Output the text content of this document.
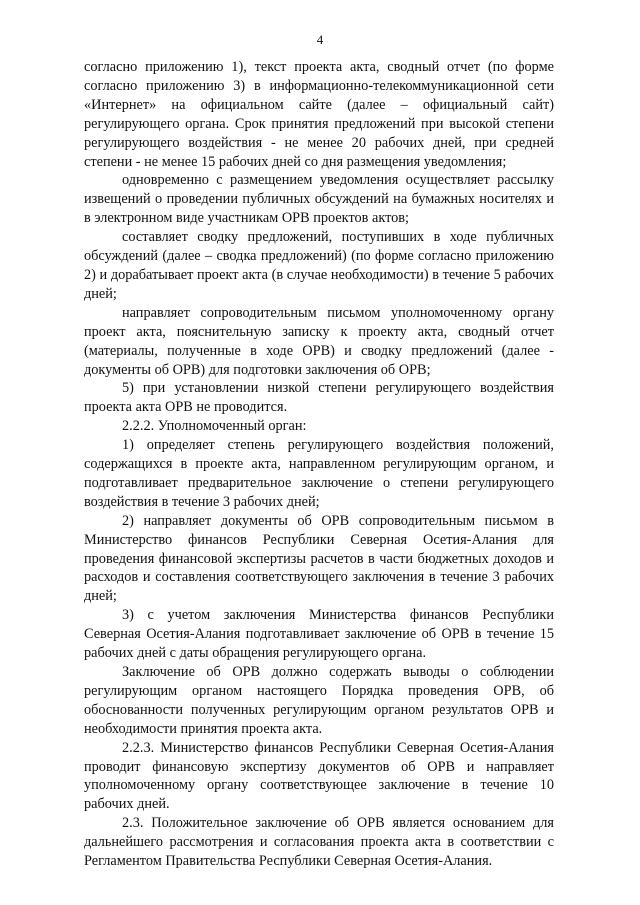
4

согласно приложению 1), текст проекта акта, сводный отчет (по форме согласно приложению 3) в информационно-телекоммуникационной сети «Интернет» на официальном сайте (далее – официальный сайт) регулирующего органа. Срок принятия предложений при высокой степени регулирующего воздействия - не менее 20 рабочих дней, при средней степени - не менее 15 рабочих дней со дня размещения уведомления;

одновременно с размещением уведомления осуществляет рассылку извещений о проведении публичных обсуждений на бумажных носителях и в электронном виде участникам ОРВ проектов актов;

составляет сводку предложений, поступивших в ходе публичных обсуждений (далее – сводка предложений) (по форме согласно приложению 2) и дорабатывает проект акта (в случае необходимости) в течение 5 рабочих дней;

направляет сопроводительным письмом уполномоченному органу проект акта, пояснительную записку к проекту акта, сводный отчет (материалы, полученные в ходе ОРВ) и сводку предложений (далее - документы об ОРВ) для подготовки заключения об ОРВ;

5) при установлении низкой степени регулирующего воздействия проекта акта ОРВ не проводится.

2.2.2. Уполномоченный орган:

1) определяет степень регулирующего воздействия положений, содержащихся в проекте акта, направленном регулирующим органом, и подготавливает предварительное заключение о степени регулирующего воздействия в течение 3 рабочих дней;

2) направляет документы об ОРВ сопроводительным письмом в Министерство финансов Республики Северная Осетия-Алания для проведения финансовой экспертизы расчетов в части бюджетных доходов и расходов и составления соответствующего заключения в течение 3 рабочих дней;

3) с учетом заключения Министерства финансов Республики Северная Осетия-Алания подготавливает заключение об ОРВ в течение 15 рабочих дней с даты обращения регулирующего органа.

Заключение об ОРВ должно содержать выводы о соблюдении регулирующим органом настоящего Порядка проведения ОРВ, об обоснованности полученных регулирующим органом результатов ОРВ и необходимости принятия проекта акта.

2.2.3. Министерство финансов Республики Северная Осетия-Алания проводит финансовую экспертизу документов об ОРВ и направляет уполномоченному органу соответствующее заключение в течение 10 рабочих дней.

2.3. Положительное заключение об ОРВ является основанием для дальнейшего рассмотрения и согласования проекта акта в соответствии с Регламентом Правительства Республики Северная Осетия-Алания.
